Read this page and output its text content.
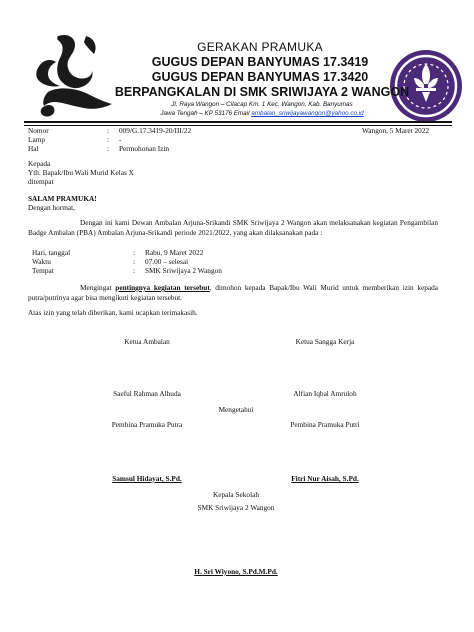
GERAKAN PRAMUKA
GUGUS DEPAN BANYUMAS 17.3419
GUGUS DEPAN BANYUMAS 17.3420
BERPANGKALAN DI SMK SRIWIJAYA 2 WANGON
Jl. Raya Wangon – Cilacap Km. 1 Kec. Wangon, Kab. Banyumas
Jawa Tengah – KP 53176 Email ambalan_sriwijayawangon@yahoo.co.id
Nomor	: 009/G.17.3419-20/III/22	Wangon, 5 Maret 2022
Lamp	: -
Hal	: Permohonan Izin
Kepada
Yth. Bapak/Ibu Wali Murid Kelas X
ditempat
SALAM PRAMUKA!
Dengan hormat,
Dengan ini kami Dewan Ambalan Arjuna-Srikandi SMK Sriwijaya 2 Wangon akan melaksanakan kegiatan Pengambilan Badge Ambalan (PBA) Ambalan Arjuna-Srikandi periode 2021/2022, yang akan dilaksanakan pada :
Hari, tanggal	: Rabu, 9 Maret 2022
Waktu	: 07.00 – selesai
Tempat	: SMK Sriwijaya 2 Wangon
Mengingat pentingnya kegiatan tersebut, dimohon kepada Bapak/Ibu Wali Murid untuk memberikan izin kepada putra/putrinya agar bisa mengikuti kegiatan tersebut.
Atas izin yang telah diberikan, kami ucapkan terimakasih.
Ketua Ambalan	Ketua Sangga Kerja
Saeful Rahman Alhuda	Alfian Iqbal Amruloh
Mengetahui
Pembina Pramuka Putra	Pembina Pramuka Putri
Samsul Hidayat, S.Pd.	Fitri Nur Aisah, S.Pd.
Kepala Sekolah
SMK Sriwijaya 2 Wangon
H. Sri Wiyono, S.Pd.M.Pd.
